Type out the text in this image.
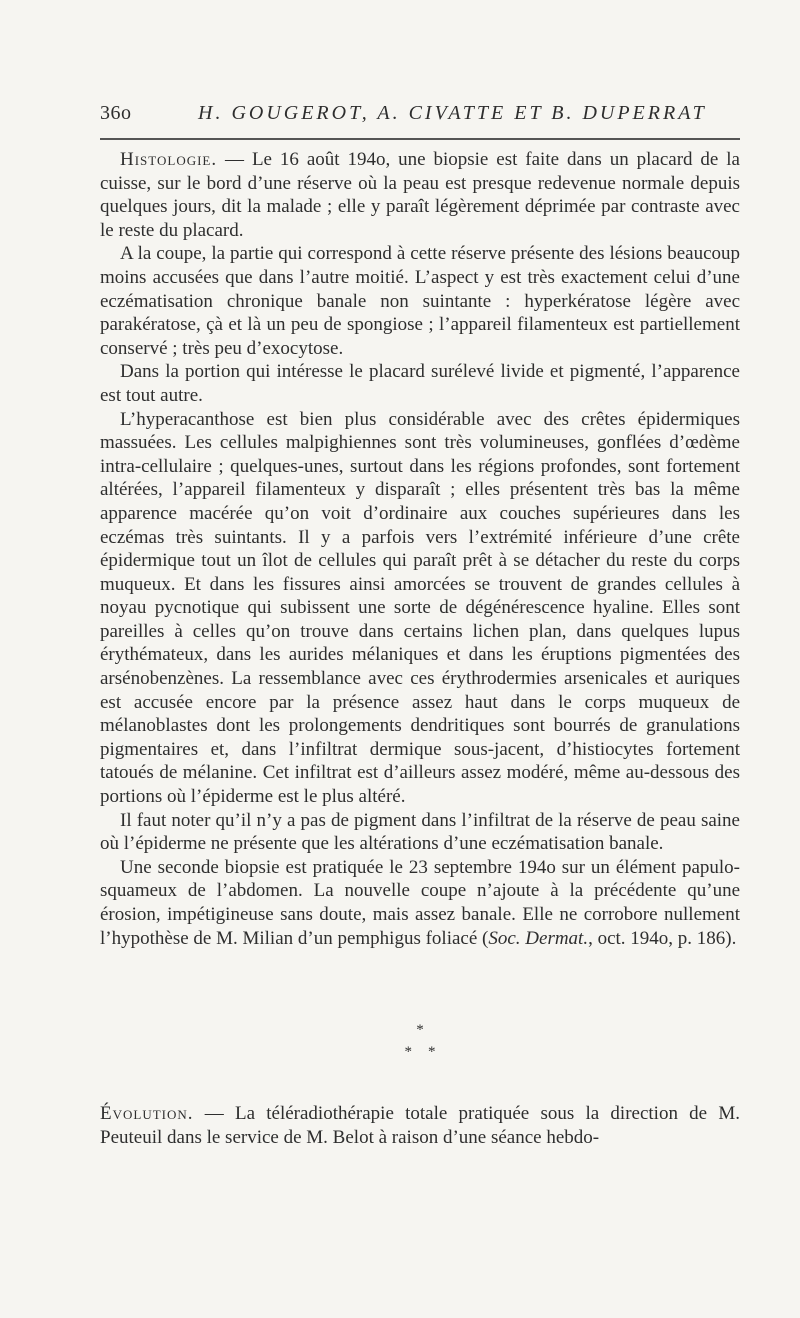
36o	H. GOUGEROT, A. CIVATTE ET B. DUPERRAT

Histologie. — Le 16 août 194o, une biopsie est faite dans un placard de la cuisse, sur le bord d’une réserve où la peau est presque redevenue normale depuis quelques jours, dit la malade ; elle y paraît légèrement déprimée par contraste avec le reste du placard.

A la coupe, la partie qui correspond à cette réserve présente des lésions beaucoup moins accusées que dans l’autre moitié. L’aspect y est très exactement celui d’une eczématisation chronique banale non suintante : hyperkératose légère avec parakératose, çà et là un peu de spongiose ; l’appareil filamenteux est partiellement conservé ; très peu d’exocytose.

Dans la portion qui intéresse le placard surélevé livide et pigmenté, l’apparence est tout autre.

L’hyperacanthose est bien plus considérable avec des crêtes épidermiques massuées. Les cellules malpighiennes sont très volumineuses, gonflées d’œdème intra-cellulaire ; quelques-unes, surtout dans les régions profondes, sont fortement altérées, l’appareil filamenteux y disparaît ; elles présentent très bas la même apparence macérée qu’on voit d’ordinaire aux couches supérieures dans les eczémas très suintants. Il y a parfois vers l’extrémité inférieure d’une crête épidermique tout un îlot de cellules qui paraît prêt à se détacher du reste du corps muqueux. Et dans les fissures ainsi amorcées se trouvent de grandes cellules à noyau pycnotique qui subissent une sorte de dégénérescence hyaline. Elles sont pareilles à celles qu’on trouve dans certains lichen plan, dans quelques lupus érythémateux, dans les aurides mélaniques et dans les éruptions pigmentées des arsénobenzènes. La ressemblance avec ces érythrodermies arsenicales et auriques est accusée encore par la présence assez haut dans le corps muqueux de mélanoblastes dont les prolongements dendritiques sont bourrés de granulations pigmentaires et, dans l’infiltrat dermique sous-jacent, d’histiocytes fortement tatoués de mélanine. Cet infiltrat est d’ailleurs assez modéré, même au-dessous des portions où l’épiderme est le plus altéré.

Il faut noter qu’il n’y a pas de pigment dans l’infiltrat de la réserve de peau saine où l’épiderme ne présente que les altérations d’une eczématisation banale.

Une seconde biopsie est pratiquée le 23 septembre 194o sur un élément papulo-squameux de l’abdomen. La nouvelle coupe n’ajoute à la précédente qu’une érosion, impétigineuse sans doute, mais assez banale. Elle ne corrobore nullement l’hypothèse de M. Milian d’un pemphigus foliacé (Soc. Dermat., oct. 194o, p. 186).

*
**

Évolution. — La téléradiothérapie totale pratiquée sous la direction de M. Peuteuil dans le service de M. Belot à raison d’une séance hebdo-
